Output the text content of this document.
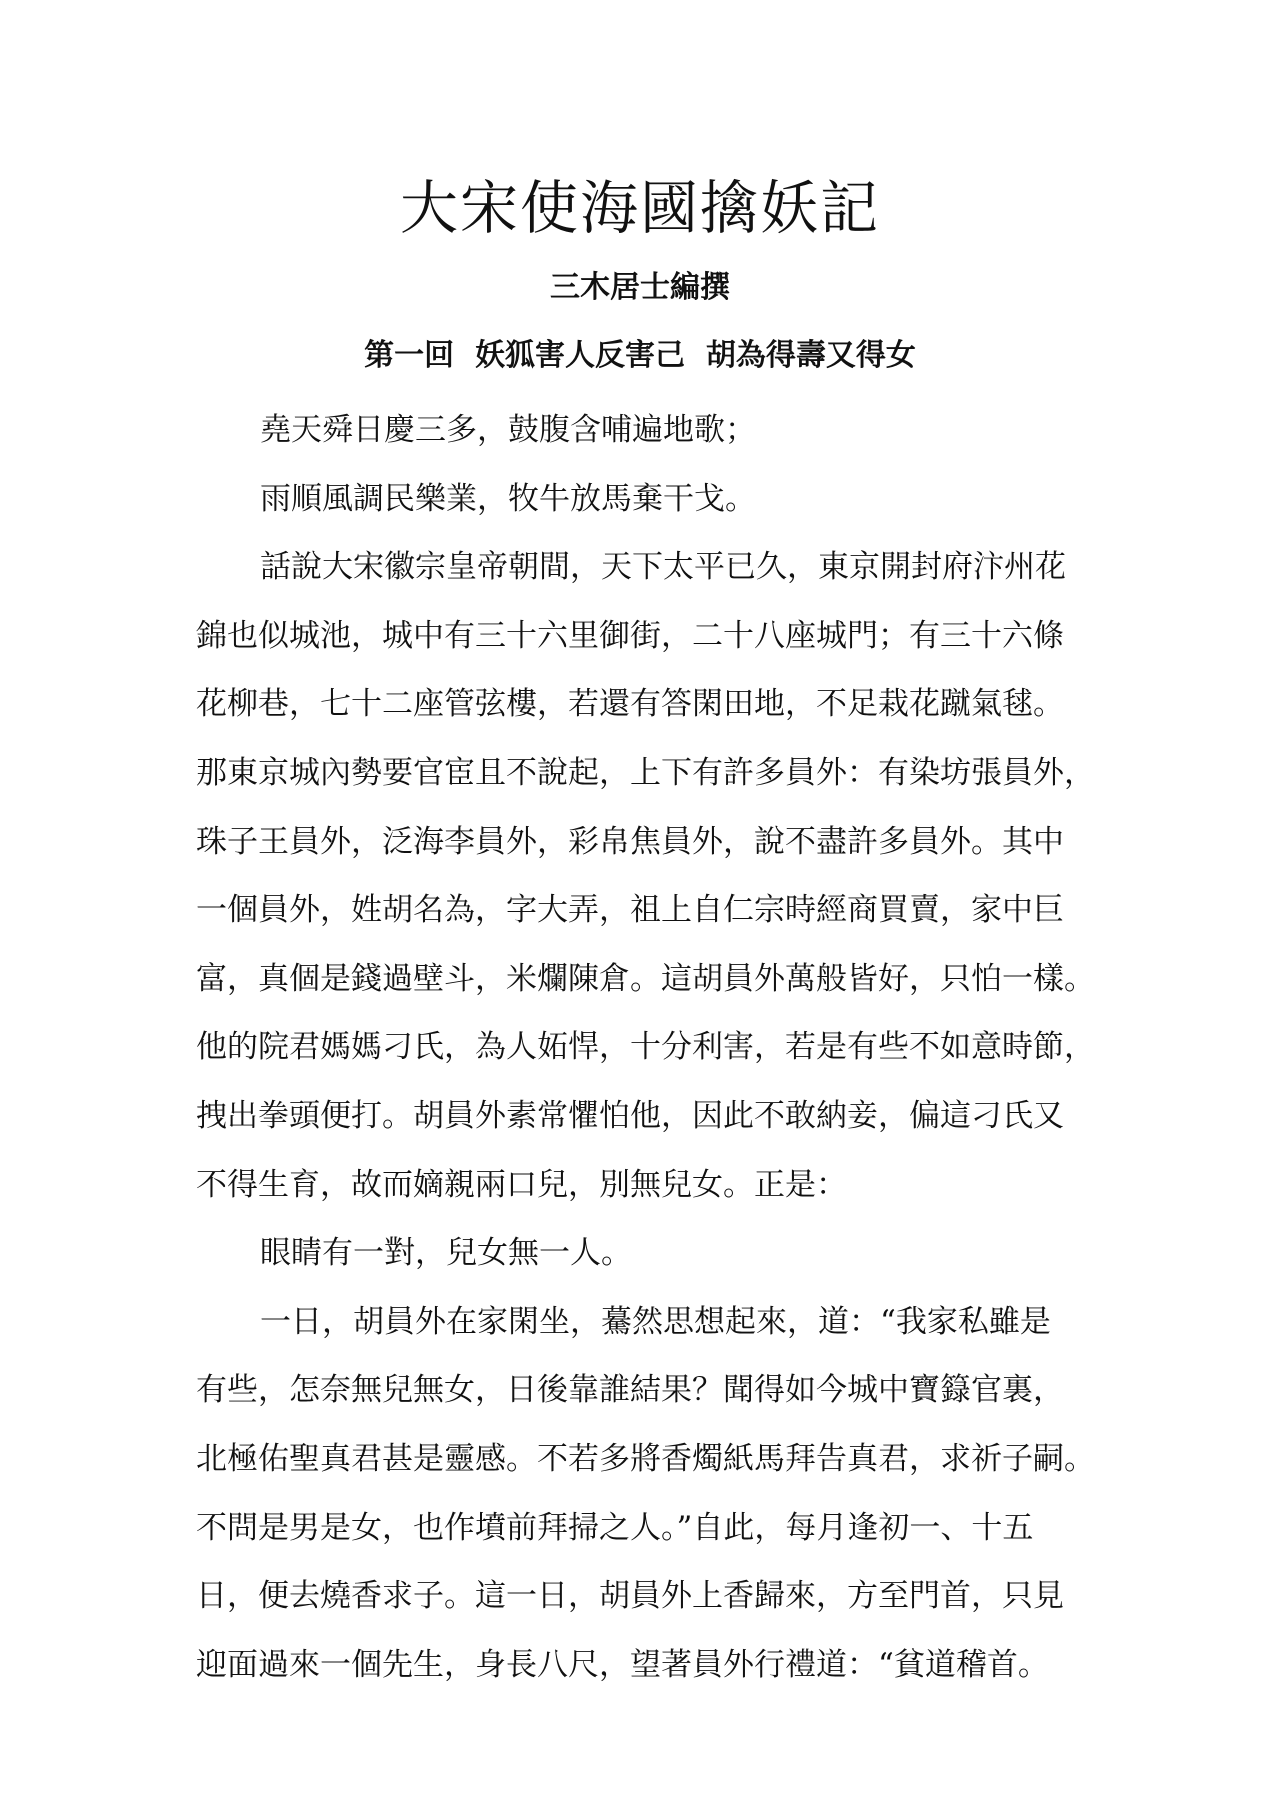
大宋使海國擒妖記
三木居士編撰
第一回  妖狐害人反害己  胡為得壽又得女
堯天舜日慶三多，鼓腹含哺遍地歌；
雨順風調民樂業，牧牛放馬棄干戈。
話說大宋徽宗皇帝朝間，天下太平已久，東京開封府汴州花
錦也似城池，城中有三十六里御街，二十八座城門；有三十六條
花柳巷，七十二座管弦樓，若還有答閑田地，不足栽花蹴氣毬。
那東京城內勢要官宦且不說起，上下有許多員外：有染坊張員外，
珠子王員外，泛海李員外，彩帛焦員外，說不盡許多員外。其中
一個員外，姓胡名為，字大弄，祖上自仁宗時經商買賣，家中巨
富，真個是錢過壁斗，米爛陳倉。這胡員外萬般皆好，只怕一樣。
他的院君媽媽刁氏，為人妬悍，十分利害，若是有些不如意時節，
拽出拳頭便打。胡員外素常懼怕他，因此不敢納妾，偏這刁氏又
不得生育，故而嫡親兩口兒，別無兒女。正是：
眼睛有一對，兒女無一人。
一日，胡員外在家閑坐，驀然思想起來，道：“我家私雖是
有些，怎奈無兒無女，日後靠誰結果？聞得如今城中寶籙官裏，
北極佑聖真君甚是靈感。不若多將香燭紙馬拜告真君，求祈子嗣。
不問是男是女，也作墳前拜掃之人。”自此，每月逢初一、十五
日，便去燒香求子。這一日，胡員外上香歸來，方至門首，只見
迎面過來一個先生，身長八尺，望著員外行禮道：“貧道稽首。
